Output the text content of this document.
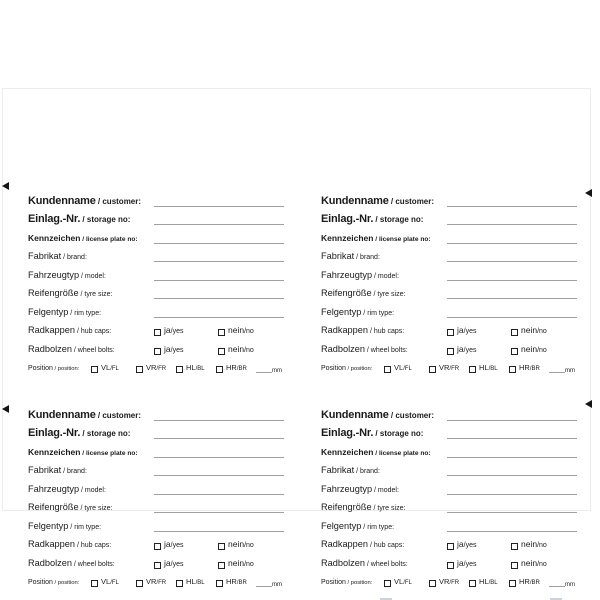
Kundenname / customer:
Einlag.-Nr. / storage no:
Kennzeichen / license plate no:
Fabrikat / brand:
Fahrzeugtyp / model:
Reifengröße / tyre size:
Felgentyp / rim type:
Radkappen / hub caps:	ja/yes	nein/no
Radbolzen / wheel bolts:	ja/yes	nein/no
Position / position:	VL/FL	VR/FR	HL/BL	HR/BR	mm
Kundenname / customer:
Einlag.-Nr. / storage no:
Kennzeichen / license plate no:
Fabrikat / brand:
Fahrzeugtyp / model:
Reifengröße / tyre size:
Felgentyp / rim type:
Radkappen / hub caps:	ja/yes	nein/no
Radbolzen / wheel bolts:	ja/yes	nein/no
Position / position:	VL/FL	VR/FR	HL/BL	HR/BR	mm
Kundenname / customer:
Einlag.-Nr. / storage no:
Kennzeichen / license plate no:
Fabrikat / brand:
Fahrzeugtyp / model:
Reifengröße / tyre size:
Felgentyp / rim type:
Radkappen / hub caps:	ja/yes	nein/no
Radbolzen / wheel bolts:	ja/yes	nein/no
Position / position:	VL/FL	VR/FR	HL/BL	HR/BR	mm
Kundenname / customer:
Einlag.-Nr. / storage no:
Kennzeichen / license plate no:
Fabrikat / brand:
Fahrzeugtyp / model:
Reifengröße / tyre size:
Felgentyp / rim type:
Radkappen / hub caps:	ja/yes	nein/no
Radbolzen / wheel bolts:	ja/yes	nein/no
Position / position:	VL/FL	VR/FR	HL/BL	HR/BR	mm
